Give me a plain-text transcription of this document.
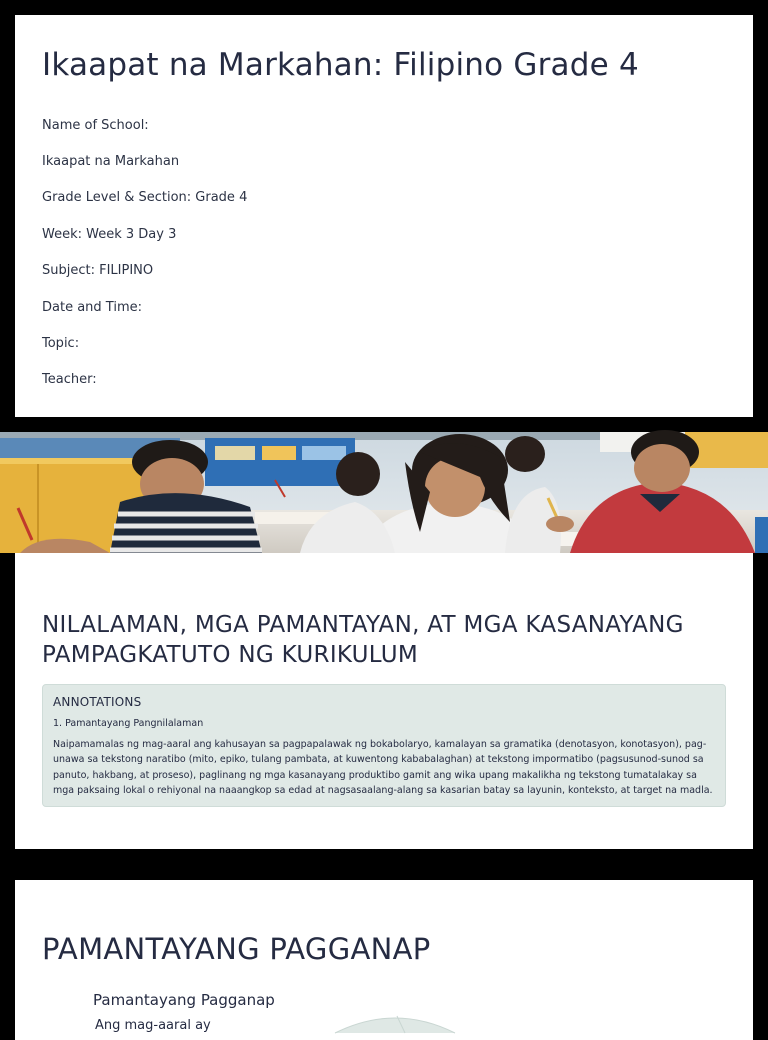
Ikaapat na Markahan: Filipino Grade 4
Name of School:
Ikaapat na Markahan
Grade Level & Section: Grade 4
Week: Week 3 Day 3
Subject: FILIPINO
Date and Time:
Topic:
Teacher:
NILALAMAN, MGA PAMANTAYAN, AT MGA KASANAYANG PAMPAGKATUTO NG KURIKULUM
ANNOTATIONS
1. Pamantayang Pangnilalaman

Naipamamalas ng mag-aaral ang kahusayan sa pagpapalawak ng bokabolaryo, kamalayan sa gramatika (denotasyon, konotasyon), pag-unawa sa tekstong naratibo (mito, epiko, tulang pambata, at kuwentong kababalaghan) at tekstong impormatibo (pagsusunod-sunod sa panuto, hakbang, at proseso), paglinang ng mga kasanayang produktibo gamit ang wika upang makalikha ng tekstong tumatalakay sa mga paksaing lokal o rehiyonal na naaangkop sa edad at nagsasaalang-alang sa kasarian batay sa layunin, konteksto, at target na madla.

PAMANTAYANG PAGGANAP
Pamantayang Pagganap
Ang mag-aaral ay
